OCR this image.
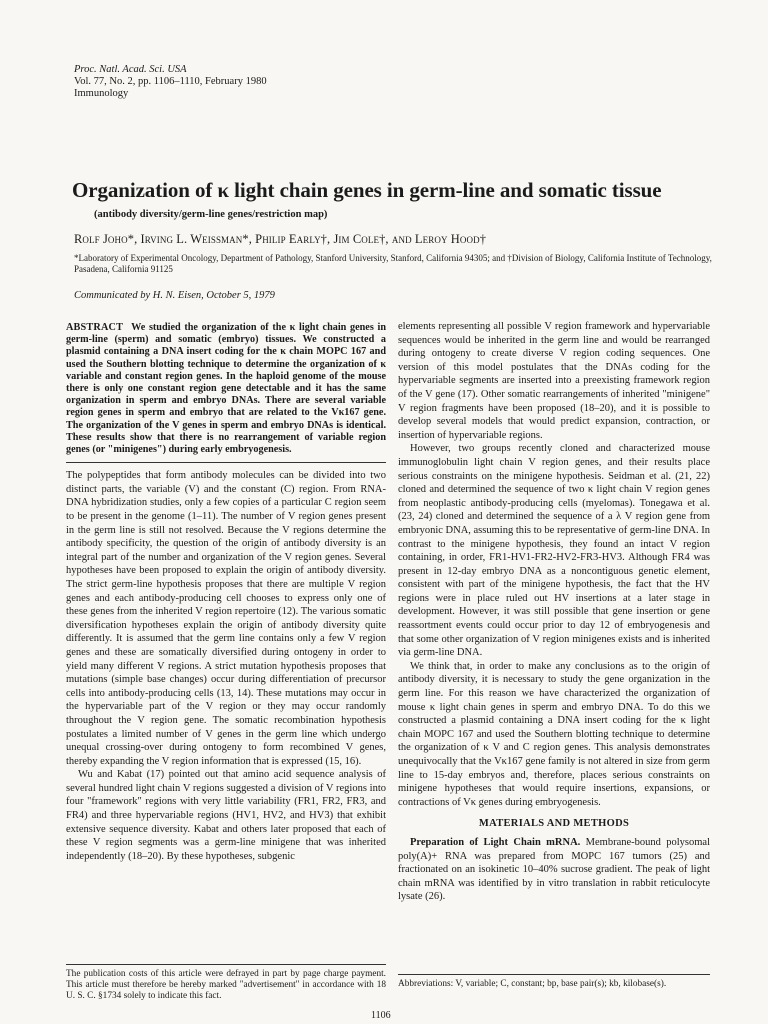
Proc. Natl. Acad. Sci. USA
Vol. 77, No. 2, pp. 1106–1110, February 1980
Immunology
Organization of κ light chain genes in germ-line and somatic tissue
(antibody diversity/germ-line genes/restriction map)
Rolf Joho*, Irving L. Weissman*, Philip Early†, Jim Cole†, and Leroy Hood†
*Laboratory of Experimental Oncology, Department of Pathology, Stanford University, Stanford, California 94305; and †Division of Biology, California Institute of Technology, Pasadena, California 91125
Communicated by H. N. Eisen, October 5, 1979

ABSTRACT We studied the organization of the κ light chain genes in germ-line (sperm) and somatic (embryo) tissues. We constructed a plasmid containing a DNA insert coding for the κ chain MOPC 167 and used the Southern blotting technique to determine the organization of κ variable and constant region genes. In the haploid genome of the mouse there is only one constant region gene detectable and it has the same organization in sperm and embryo DNAs. There are several variable region genes in sperm and embryo that are related to the Vκ167 gene. The organization of the V genes in sperm and embryo DNAs is identical. These results show that there is no rearrangement of variable region genes (or "minigenes") during early embryogenesis.

The polypeptides that form antibody molecules can be divided into two distinct parts, the variable (V) and the constant (C) region. From RNA-DNA hybridization studies, only a few copies of a particular C region seem to be present in the genome (1–11). The number of V region genes present in the germ line is still not resolved. Because the V regions determine the antibody specificity, the question of the origin of antibody diversity is an integral part of the number and organization of the V region genes. Several hypotheses have been proposed to explain the origin of antibody diversity. The strict germ-line hypothesis proposes that there are multiple V region genes and each antibody-producing cell chooses to express only one of these genes from the inherited V region repertoire (12). The various somatic diversification hypotheses explain the origin of antibody diversity quite differently. It is assumed that the germ line contains only a few V region genes and these are somatically diversified during ontogeny in order to yield many different V regions. A strict mutation hypothesis proposes that mutations (simple base changes) occur during differentiation of precursor cells into antibody-producing cells (13, 14). These mutations may occur in the hypervariable part of the V region or they may occur randomly throughout the V region gene. The somatic recombination hypothesis postulates a limited number of V genes in the germ line which undergo unequal crossing-over during ontogeny to form recombined V genes, thereby expanding the V region information that is expressed (15, 16).

Wu and Kabat (17) pointed out that amino acid sequence analysis of several hundred light chain V regions suggested a division of V regions into four "framework" regions with very little variability (FR1, FR2, FR3, and FR4) and three hypervariable regions (HV1, HV2, and HV3) that exhibit extensive sequence diversity. Kabat and others later proposed that each of these V region segments was a germ-line minigene that was inherited independently (18–20). By these hypotheses, subgenic

elements representing all possible V region framework and hypervariable sequences would be inherited in the germ line and would be rearranged during ontogeny to create diverse V region coding sequences. One version of this model postulates that the DNAs coding for the hypervariable segments are inserted into a preexisting framework region of the V gene (17). Other somatic rearrangements of inherited "minigene" V region fragments have been proposed (18–20), and it is possible to develop several models that would predict expansion, contraction, or insertion of hypervariable regions.

However, two groups recently cloned and characterized mouse immunoglobulin light chain V region genes, and their results place serious constraints on the minigene hypothesis. Seidman et al. (21, 22) cloned and determined the sequence of two κ light chain V region genes from neoplastic antibody-producing cells (myelomas). Tonegawa et al. (23, 24) cloned and determined the sequence of a λ V region gene from embryonic DNA, assuming this to be representative of germ-line DNA. In contrast to the minigene hypothesis, they found an intact V region containing, in order, FR1-HV1-FR2-HV2-FR3-HV3. Although FR4 was present in 12-day embryo DNA as a noncontiguous genetic element, consistent with part of the minigene hypothesis, the fact that the HV regions were in place ruled out HV insertions at a later stage in development. However, it was still possible that gene insertion or gene reassortment events could occur prior to day 12 of embryogenesis and that some other organization of V region minigenes exists and is inherited via germ-line DNA.

We think that, in order to make any conclusions as to the origin of antibody diversity, it is necessary to study the gene organization in the germ line. For this reason we have characterized the organization of mouse κ light chain genes in sperm and embryo DNA. To do this we constructed a plasmid containing a DNA insert coding for the κ light chain MOPC 167 and used the Southern blotting technique to determine the organization of κ V and C region genes. This analysis demonstrates unequivocally that the Vκ167 gene family is not altered in size from germ line to 15-day embryos and, therefore, places serious constraints on minigene hypotheses that would require insertions, expansions, or contractions of Vκ genes during embryogenesis.

MATERIALS AND METHODS

Preparation of Light Chain mRNA. Membrane-bound polysomal poly(A)+ RNA was prepared from MOPC 167 tumors (25) and fractionated on an isokinetic 10–40% sucrose gradient. The peak of light chain mRNA was identified by in vitro translation in rabbit reticulocyte lysate (26).

The publication costs of this article were defrayed in part by page charge payment. This article must therefore be hereby marked "advertisement" in accordance with 18 U. S. C. §1734 solely to indicate this fact.
Abbreviations: V, variable; C, constant; bp, base pair(s); kb, kilobase(s).
1106
